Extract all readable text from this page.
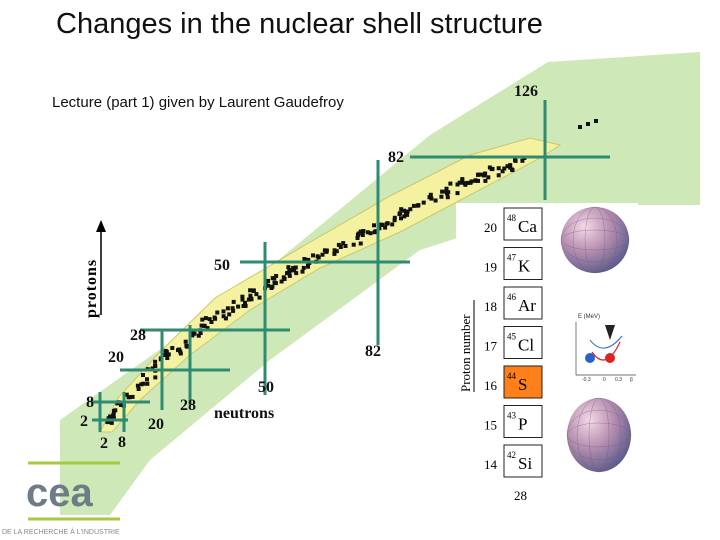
Changes in the nuclear shell structure
Lecture (part 1) given by Laurent Gaudefroy
protons
2
8
20
28
50
82
2 8
20
28
50
82
126
neutrons
20
48 Ca
19
47 K
18
46 Ar
17
45 Cl
16
44 S
15
43 P
14
42 Si
Proton number
28
E (MeV)
-0.3 0 0.3 β
cea
DE LA RECHERCHE À L'INDUSTRIE
